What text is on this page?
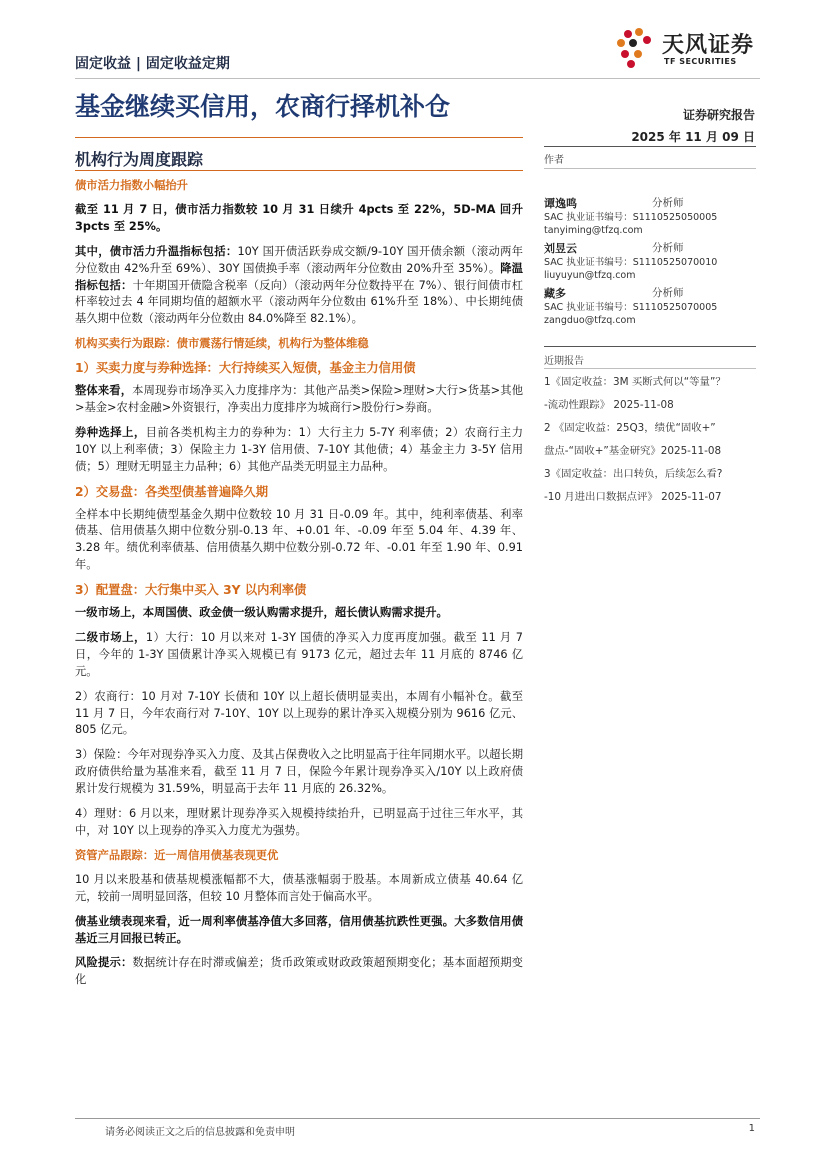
固定收益 | 固定收益定期
天风证券
TF SECURITIES
基金继续买信用，农商行择机补仓	证券研究报告
2025 年 11 月 09 日
机构行为周度跟踪
债市活力指数小幅抬升

截至 11 月 7 日，债市活力指数较 10 月 31 日续升 4pcts 至 22%，5D-MA 回升 3pcts 至 25%。

其中，债市活力升温指标包括：10Y 国开债活跃券成交额/9-10Y 国开债余额（滚动两年分位数由 42%升至 69%）、30Y 国债换手率（滚动两年分位数由 20%升至 35%）。降温指标包括：十年期国开债隐含税率（反向）（滚动两年分位数持平在 7%）、银行间债市杠杆率较过去 4 年同期均值的超额水平（滚动两年分位数由 61%升至 18%）、中长期纯债基久期中位数（滚动两年分位数由 84.0%降至 82.1%）。

机构买卖行为跟踪：债市震荡行情延续，机构行为整体维稳
1）买卖力度与券种选择：大行持续买入短债，基金主力信用债

整体来看，本周现券市场净买入力度排序为：其他产品类>保险>理财>大行>货基>其他>基金>农村金融>外资银行，净卖出力度排序为城商行>股份行>券商。

券种选择上，目前各类机构主力的券种为：1）大行主力 5-7Y 利率债；2）农商行主力 10Y 以上利率债；3）保险主力 1-3Y 信用债、7-10Y 其他债；4）基金主力 3-5Y 信用债；5）理财无明显主力品种；6）其他产品类无明显主力品种。

2）交易盘：各类型债基普遍降久期

全样本中长期纯债型基金久期中位数较 10 月 31 日-0.09 年。其中，纯利率债基、利率债基、信用债基久期中位数分别-0.13 年、+0.01 年、-0.09 年至 5.04 年、4.39 年、3.28 年。绩优利率债基、信用债基久期中位数分别-0.72 年、-0.01 年至 1.90 年、0.91 年。

3）配置盘：大行集中买入 3Y 以内利率债

一级市场上，本周国债、政金债一级认购需求提升，超长债认购需求提升。

二级市场上，1）大行：10 月以来对 1-3Y 国债的净买入力度再度加强。截至 11 月 7 日，今年的 1-3Y 国债累计净买入规模已有 9173 亿元，超过去年 11 月底的 8746 亿元。

2）农商行：10 月对 7-10Y 长债和 10Y 以上超长债明显卖出，本周有小幅补仓。截至 11 月 7 日，今年农商行对 7-10Y、10Y 以上现券的累计净买入规模分别为 9616 亿元、805 亿元。

3）保险：今年对现券净买入力度、及其占保费收入之比明显高于往年同期水平。以超长期政府债供给量为基准来看，截至 11 月 7 日，保险今年累计现券净买入/10Y 以上政府债累计发行规模为 31.59%，明显高于去年 11 月底的 26.32%。

4）理财：6 月以来，理财累计现券净买入规模持续抬升，已明显高于过往三年水平，其中，对 10Y 以上现券的净买入力度尤为强势。

资管产品跟踪：近一周信用债基表现更优

10 月以来股基和债基规模涨幅都不大，债基涨幅弱于股基。本周新成立债基 40.64 亿元，较前一周明显回落，但较 10 月整体而言处于偏高水平。

债基业绩表现来看，近一周利率债基净值大多回落，信用债基抗跌性更强。大多数信用债基近三月回报已转正。

风险提示：数据统计存在时滞或偏差；货币政策或财政政策超预期变化；基本面超预期变化

作者
谭逸鸣	分析师
SAC 执业证书编号：S1110525050005
tanyiming@tfzq.com
刘昱云	分析师
SAC 执业证书编号：S1110525070010
liuyuyun@tfzq.com
藏多	分析师
SAC 执业证书编号：S1110525070005
zangduo@tfzq.com
近期报告
1《固定收益：3M 买断式何以“等量”？
-流动性跟踪》 2025-11-08
2 《固定收益：25Q3，绩优“固收+”
盘点-“固收+”基金研究》2025-11-08
3《固定收益：出口转负，后续怎么看?
-10 月进出口数据点评》 2025-11-07
请务必阅读正文之后的信息披露和免责申明	1
